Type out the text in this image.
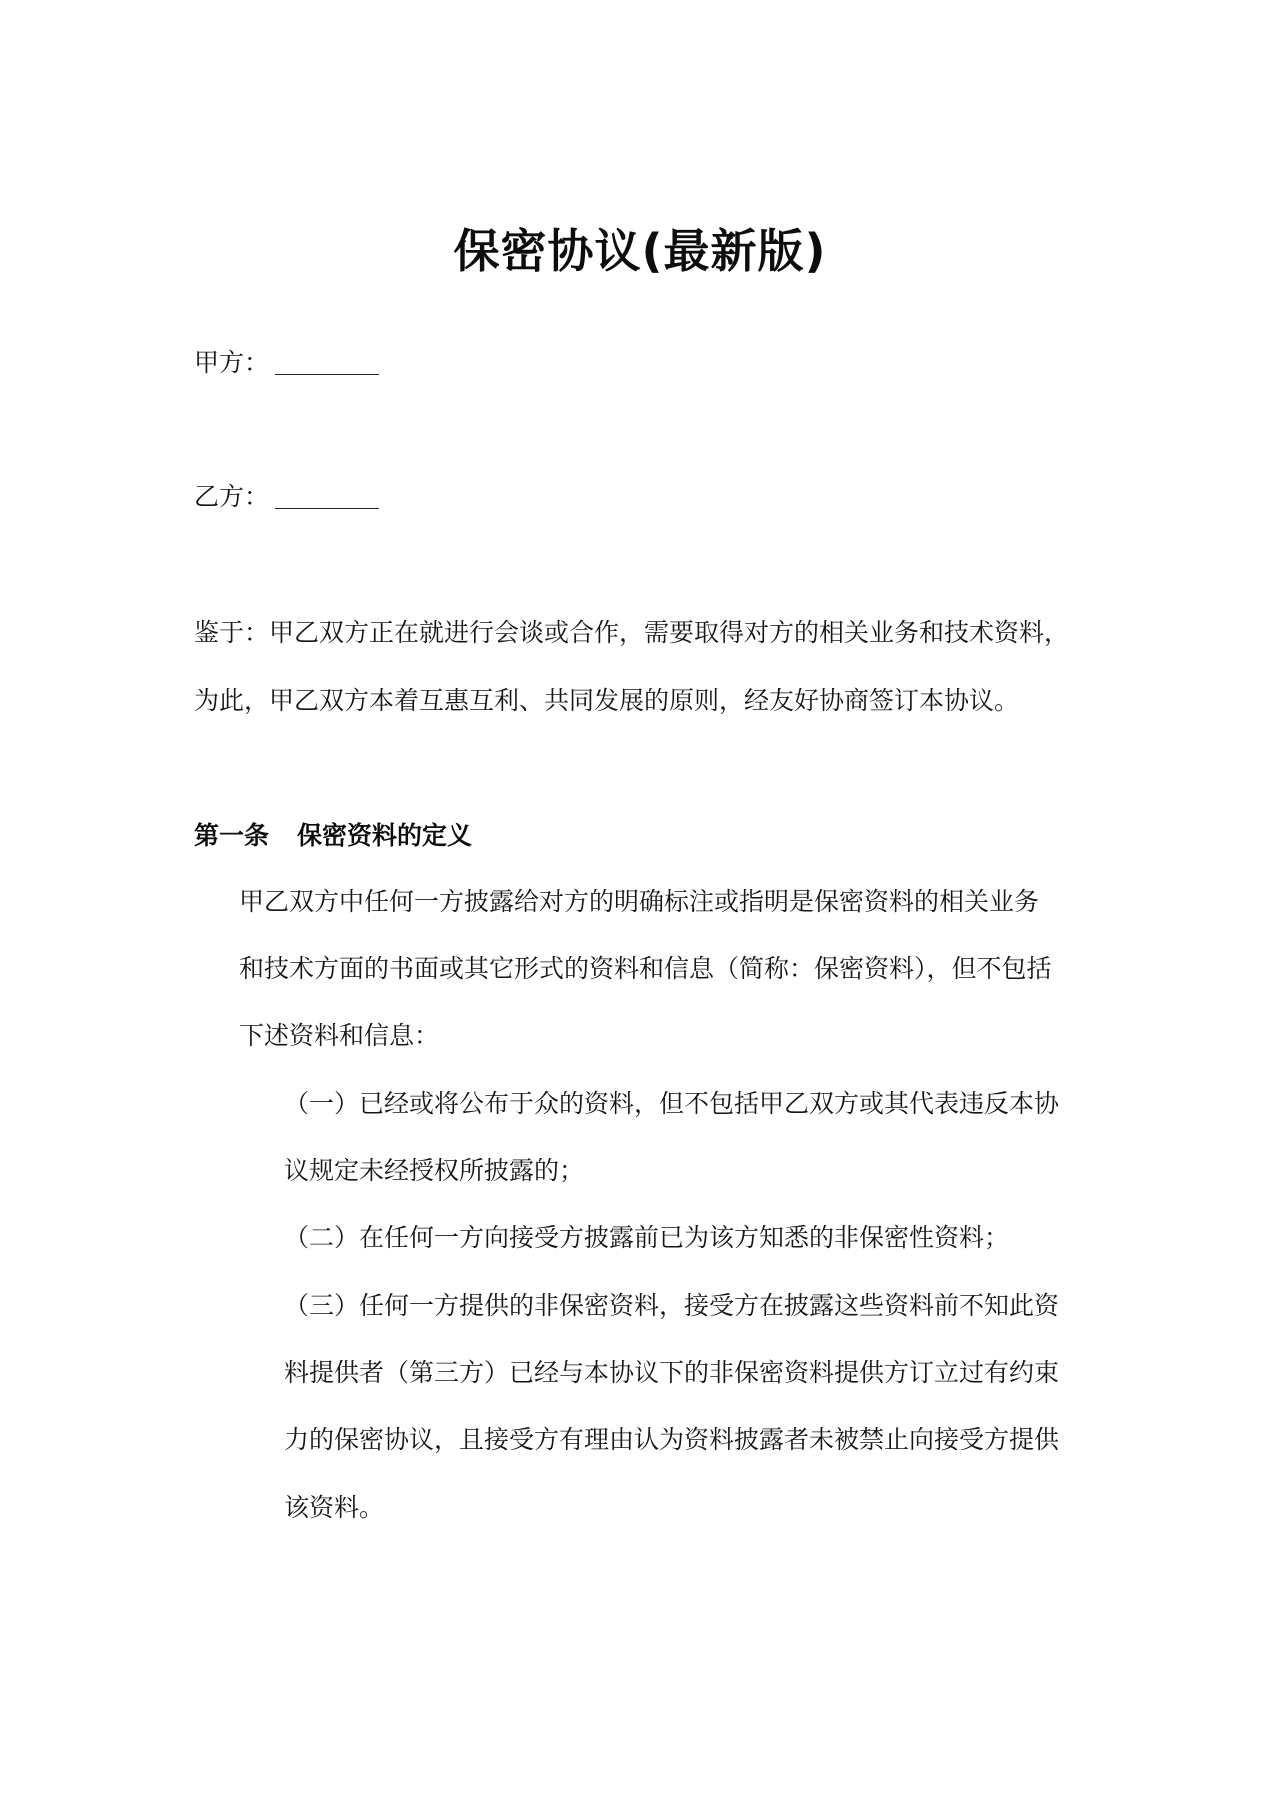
保密协议(最新版)
甲方：
乙方：
鉴于：甲乙双方正在就进行会谈或合作，需要取得对方的相关业务和技术资料，
为此，甲乙双方本着互惠互利、共同发展的原则，经友好协商签订本协议。
第一条 保密资料的定义
甲乙双方中任何一方披露给对方的明确标注或指明是保密资料的相关业务
和技术方面的书面或其它形式的资料和信息（简称：保密资料），但不包括
下述资料和信息：
（一）已经或将公布于众的资料，但不包括甲乙双方或其代表违反本协
议规定未经授权所披露的；
（二）在任何一方向接受方披露前已为该方知悉的非保密性资料；
（三）任何一方提供的非保密资料，接受方在披露这些资料前不知此资
料提供者（第三方）已经与本协议下的非保密资料提供方订立过有约束
力的保密协议，且接受方有理由认为资料披露者未被禁止向接受方提供
该资料。
